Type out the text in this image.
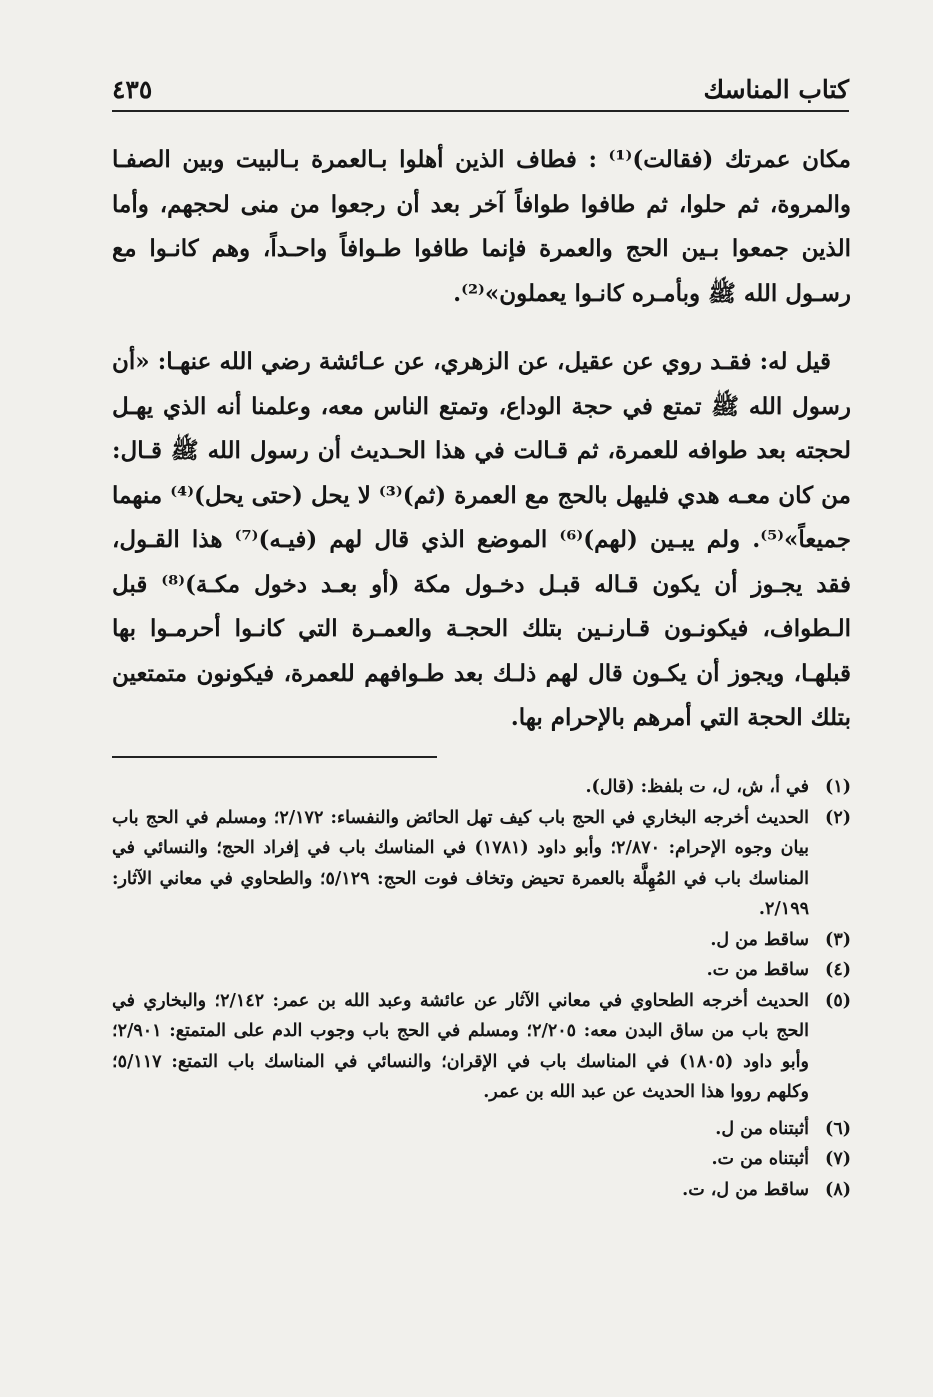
كتاب المناسك
٤٣٥

مكان عمرتك (فقالت)⁽¹⁾ : فطاف الذين أهلوا بـالعمرة بـالبيت وبين الصفـا والمروة، ثم حلوا، ثم طافوا طوافاً آخر بعد أن رجعوا من منى لحجهم، وأما الذين جمعوا بـين الحج والعمرة فإنما طافوا طـوافاً واحـداً، وهم كانـوا مع رسـول الله ﷺ وبأمـره كانـوا يعملون»⁽²⁾.

قيل له: فقـد روي عن عقيل، عن الزهري، عن عـائشة رضي الله عنهـا: «أن رسول الله ﷺ تمتع في حجة الوداع، وتمتع الناس معه، وعلمنا أنه الذي يهـل لحجته بعد طوافه للعمرة، ثم قـالت في هذا الحـديث أن رسول الله ﷺ قـال: من كان معـه هدي فليهل بالحج مع العمرة (ثم)⁽³⁾ لا يحل (حتى يحل)⁽⁴⁾ منهما جميعاً»⁽⁵⁾. ولم يبـين (لهم)⁽⁶⁾ الموضع الذي قال لهم (فيـه)⁽⁷⁾ هذا القـول، فقد يجـوز أن يكون قـاله قبـل دخـول مكة (أو بعـد دخول مكـة)⁽⁸⁾ قبل الـطواف، فيكونـون قـارنـين بتلك الحجـة والعمـرة التي كانـوا أحرمـوا بها قبلهـا، ويجوز أن يكـون قال لهم ذلـك بعد طـوافهم للعمرة، فيكونون متمتعين بتلك الحجة التي أمرهم بالإحرام بها.

(١)
في أ، ش، ل، ت بلفظ: (قال).
(٢)
الحديث أخرجه البخاري في الحج باب كيف تهل الحائض والنفساء: ٢/١٧٢؛ ومسلم في الحج باب بيان وجوه الإحرام: ٢/٨٧٠؛ وأبو داود (١٧٨١) في المناسك باب في إفراد الحج؛ والنسائي في المناسك باب في المُهِلَّة بالعمرة تحيض وتخاف فوت الحج: ٥/١٢٩؛ والطحاوي في معاني الآثار: ٢/١٩٩.
(٣)
ساقط من ل.
(٤)
ساقط من ت.
(٥)
الحديث أخرجه الطحاوي في معاني الآثار عن عائشة وعبد الله بن عمر: ٢/١٤٢؛ والبخاري في الحج باب من ساق البدن معه: ٢/٢٠٥؛ ومسلم في الحج باب وجوب الدم على المتمتع: ٢/٩٠١؛ وأبو داود (١٨٠٥) في المناسك باب في الإقران؛ والنسائي في المناسك باب التمتع: ٥/١١٧؛ وكلهم رووا هذا الحديث عن عبد الله بن عمر.
(٦)
أثبتناه من ل.
(٧)
أثبتناه من ت.
(٨)
ساقط من ل، ت.
